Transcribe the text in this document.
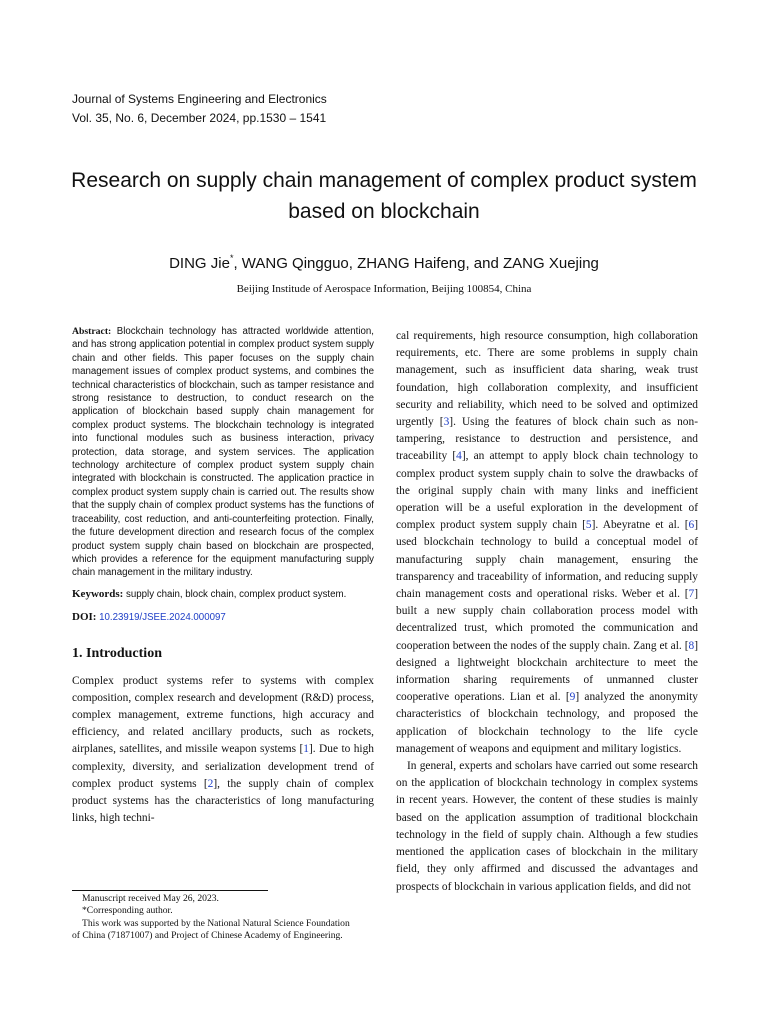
Journal of Systems Engineering and Electronics
Vol. 35, No. 6, December 2024, pp.1530 – 1541
Research on supply chain management of complex product system based on blockchain
DING Jie*, WANG Qingguo, ZHANG Haifeng, and ZANG Xuejing
Beijing Institude of Aerospace Information, Beijing 100854, China

Abstract: Blockchain technology has attracted worldwide attention, and has strong application potential in complex product system supply chain and other fields. This paper focuses on the supply chain management issues of complex product systems, and combines the technical characteristics of blockchain, such as tamper resistance and strong resistance to destruction, to conduct research on the application of blockchain based supply chain management for complex product systems. The blockchain technology is integrated into functional modules such as business interaction, privacy protection, data storage, and system services. The application technology architecture of complex product system supply chain integrated with blockchain is constructed. The application practice in complex product system supply chain is carried out. The results show that the supply chain of complex product systems has the functions of traceability, cost reduction, and anti-counterfeiting protection. Finally, the future development direction and research focus of the complex product system supply chain based on blockchain are prospected, which provides a reference for the equipment manufacturing supply chain management in the military industry.

Keywords: supply chain, block chain, complex product system.
DOI: 10.23919/JSEE.2024.000097
1. Introduction
Complex product systems refer to systems with complex composition, complex research and development (R&D) process, complex management, extreme functions, high accuracy and efficiency, and related ancillary products, such as rockets, airplanes, satellites, and missile weapon systems [1]. Due to high complexity, diversity, and serialization development trend of complex product systems [2], the supply chain of complex product systems has the characteristics of long manufacturing links, high techni-

cal requirements, high resource consumption, high collaboration requirements, etc. There are some problems in supply chain management, such as insufficient data sharing, weak trust foundation, high collaboration complexity, and insufficient security and reliability, which need to be solved and optimized urgently [3]. Using the features of block chain such as non-tampering, resistance to destruction and persistence, and traceability [4], an attempt to apply block chain technology to complex product system supply chain to solve the drawbacks of the original supply chain with many links and inefficient operation will be a useful exploration in the development of complex product system supply chain [5]. Abeyratne et al. [6] used blockchain technology to build a conceptual model of manufacturing supply chain management, ensuring the transparency and traceability of information, and reducing supply chain management costs and operational risks. Weber et al. [7] built a new supply chain collaboration process model with decentralized trust, which promoted the communication and cooperation between the nodes of the supply chain. Zang et al. [8] designed a lightweight blockchain architecture to meet the information sharing requirements of unmanned cluster cooperative operations. Lian et al. [9] analyzed the anonymity characteristics of blockchain technology, and proposed the application of blockchain technology to the life cycle management of weapons and equipment and military logistics.

In general, experts and scholars have carried out some research on the application of blockchain technology in complex systems in recent years. However, the content of these studies is mainly based on the application assumption of traditional blockchain technology in the field of supply chain. Although a few studies mentioned the application cases of blockchain in the military field, they only affirmed and discussed the advantages and prospects of blockchain in various application fields, and did not

Manuscript received May 26, 2023.
*Corresponding author.
This work was supported by the National Natural Science Foundation
of China (71871007) and Project of Chinese Academy of Engineering.
